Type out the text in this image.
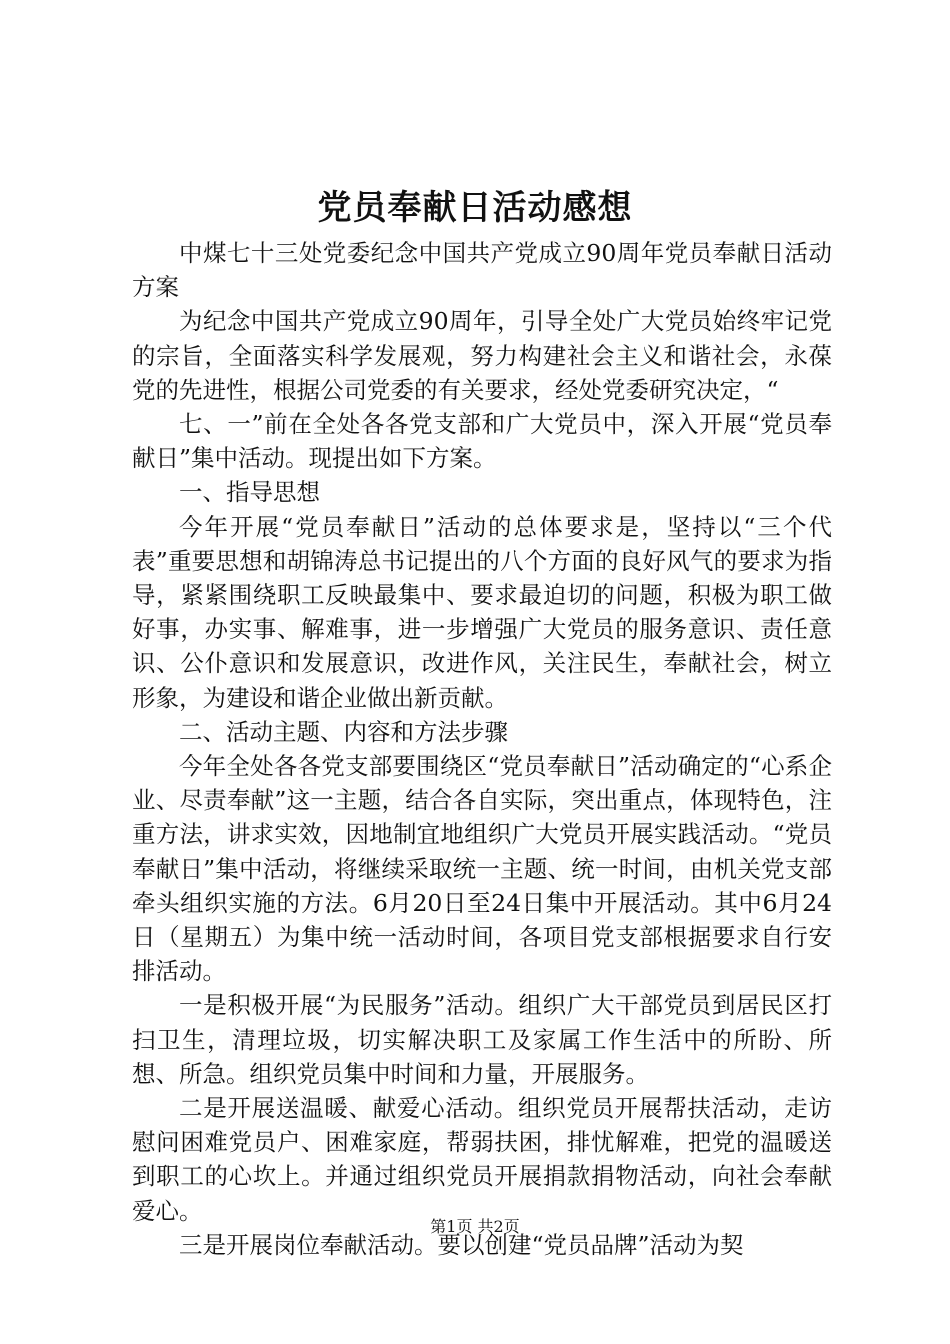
党员奉献日活动感想

中煤七十三处党委纪念中国共产党成立90周年党员奉献日活动方案

为纪念中国共产党成立90周年，引导全处广大党员始终牢记党的宗旨，全面落实科学发展观，努力构建社会主义和谐社会，永葆党的先进性，根据公司党委的有关要求，经处党委研究决定，“

七、一”前在全处各各党支部和广大党员中，深入开展“党员奉献日”集中活动。现提出如下方案。

一、指导思想

今年开展“党员奉献日”活动的总体要求是，坚持以“三个代表”重要思想和胡锦涛总书记提出的八个方面的良好风气的要求为指导，紧紧围绕职工反映最集中、要求最迫切的问题，积极为职工做好事，办实事、解难事，进一步增强广大党员的服务意识、责任意识、公仆意识和发展意识，改进作风，关注民生，奉献社会，树立形象，为建设和谐企业做出新贡献。

二、活动主题、内容和方法步骤

今年全处各各党支部要围绕区“党员奉献日”活动确定的“心系企业、尽责奉献”这一主题，结合各自实际，突出重点，体现特色，注重方法，讲求实效，因地制宜地组织广大党员开展实践活动。“党员奉献日”集中活动，将继续采取统一主题、统一时间，由机关党支部牵头组织实施的方法。6月20日至24日集中开展活动。其中6月24日（星期五）为集中统一活动时间，各项目党支部根据要求自行安排活动。

一是积极开展“为民服务”活动。组织广大干部党员到居民区打扫卫生，清理垃圾，切实解决职工及家属工作生活中的所盼、所想、所急。组织党员集中时间和力量，开展服务。

二是开展送温暖、献爱心活动。组织党员开展帮扶活动，走访慰问困难党员户、困难家庭，帮弱扶困，排忧解难，把党的温暖送到职工的心坎上。并通过组织党员开展捐款捐物活动，向社会奉献爱心。

三是开展岗位奉献活动。要以创建“党员品牌”活动为契

第1页 共2页
